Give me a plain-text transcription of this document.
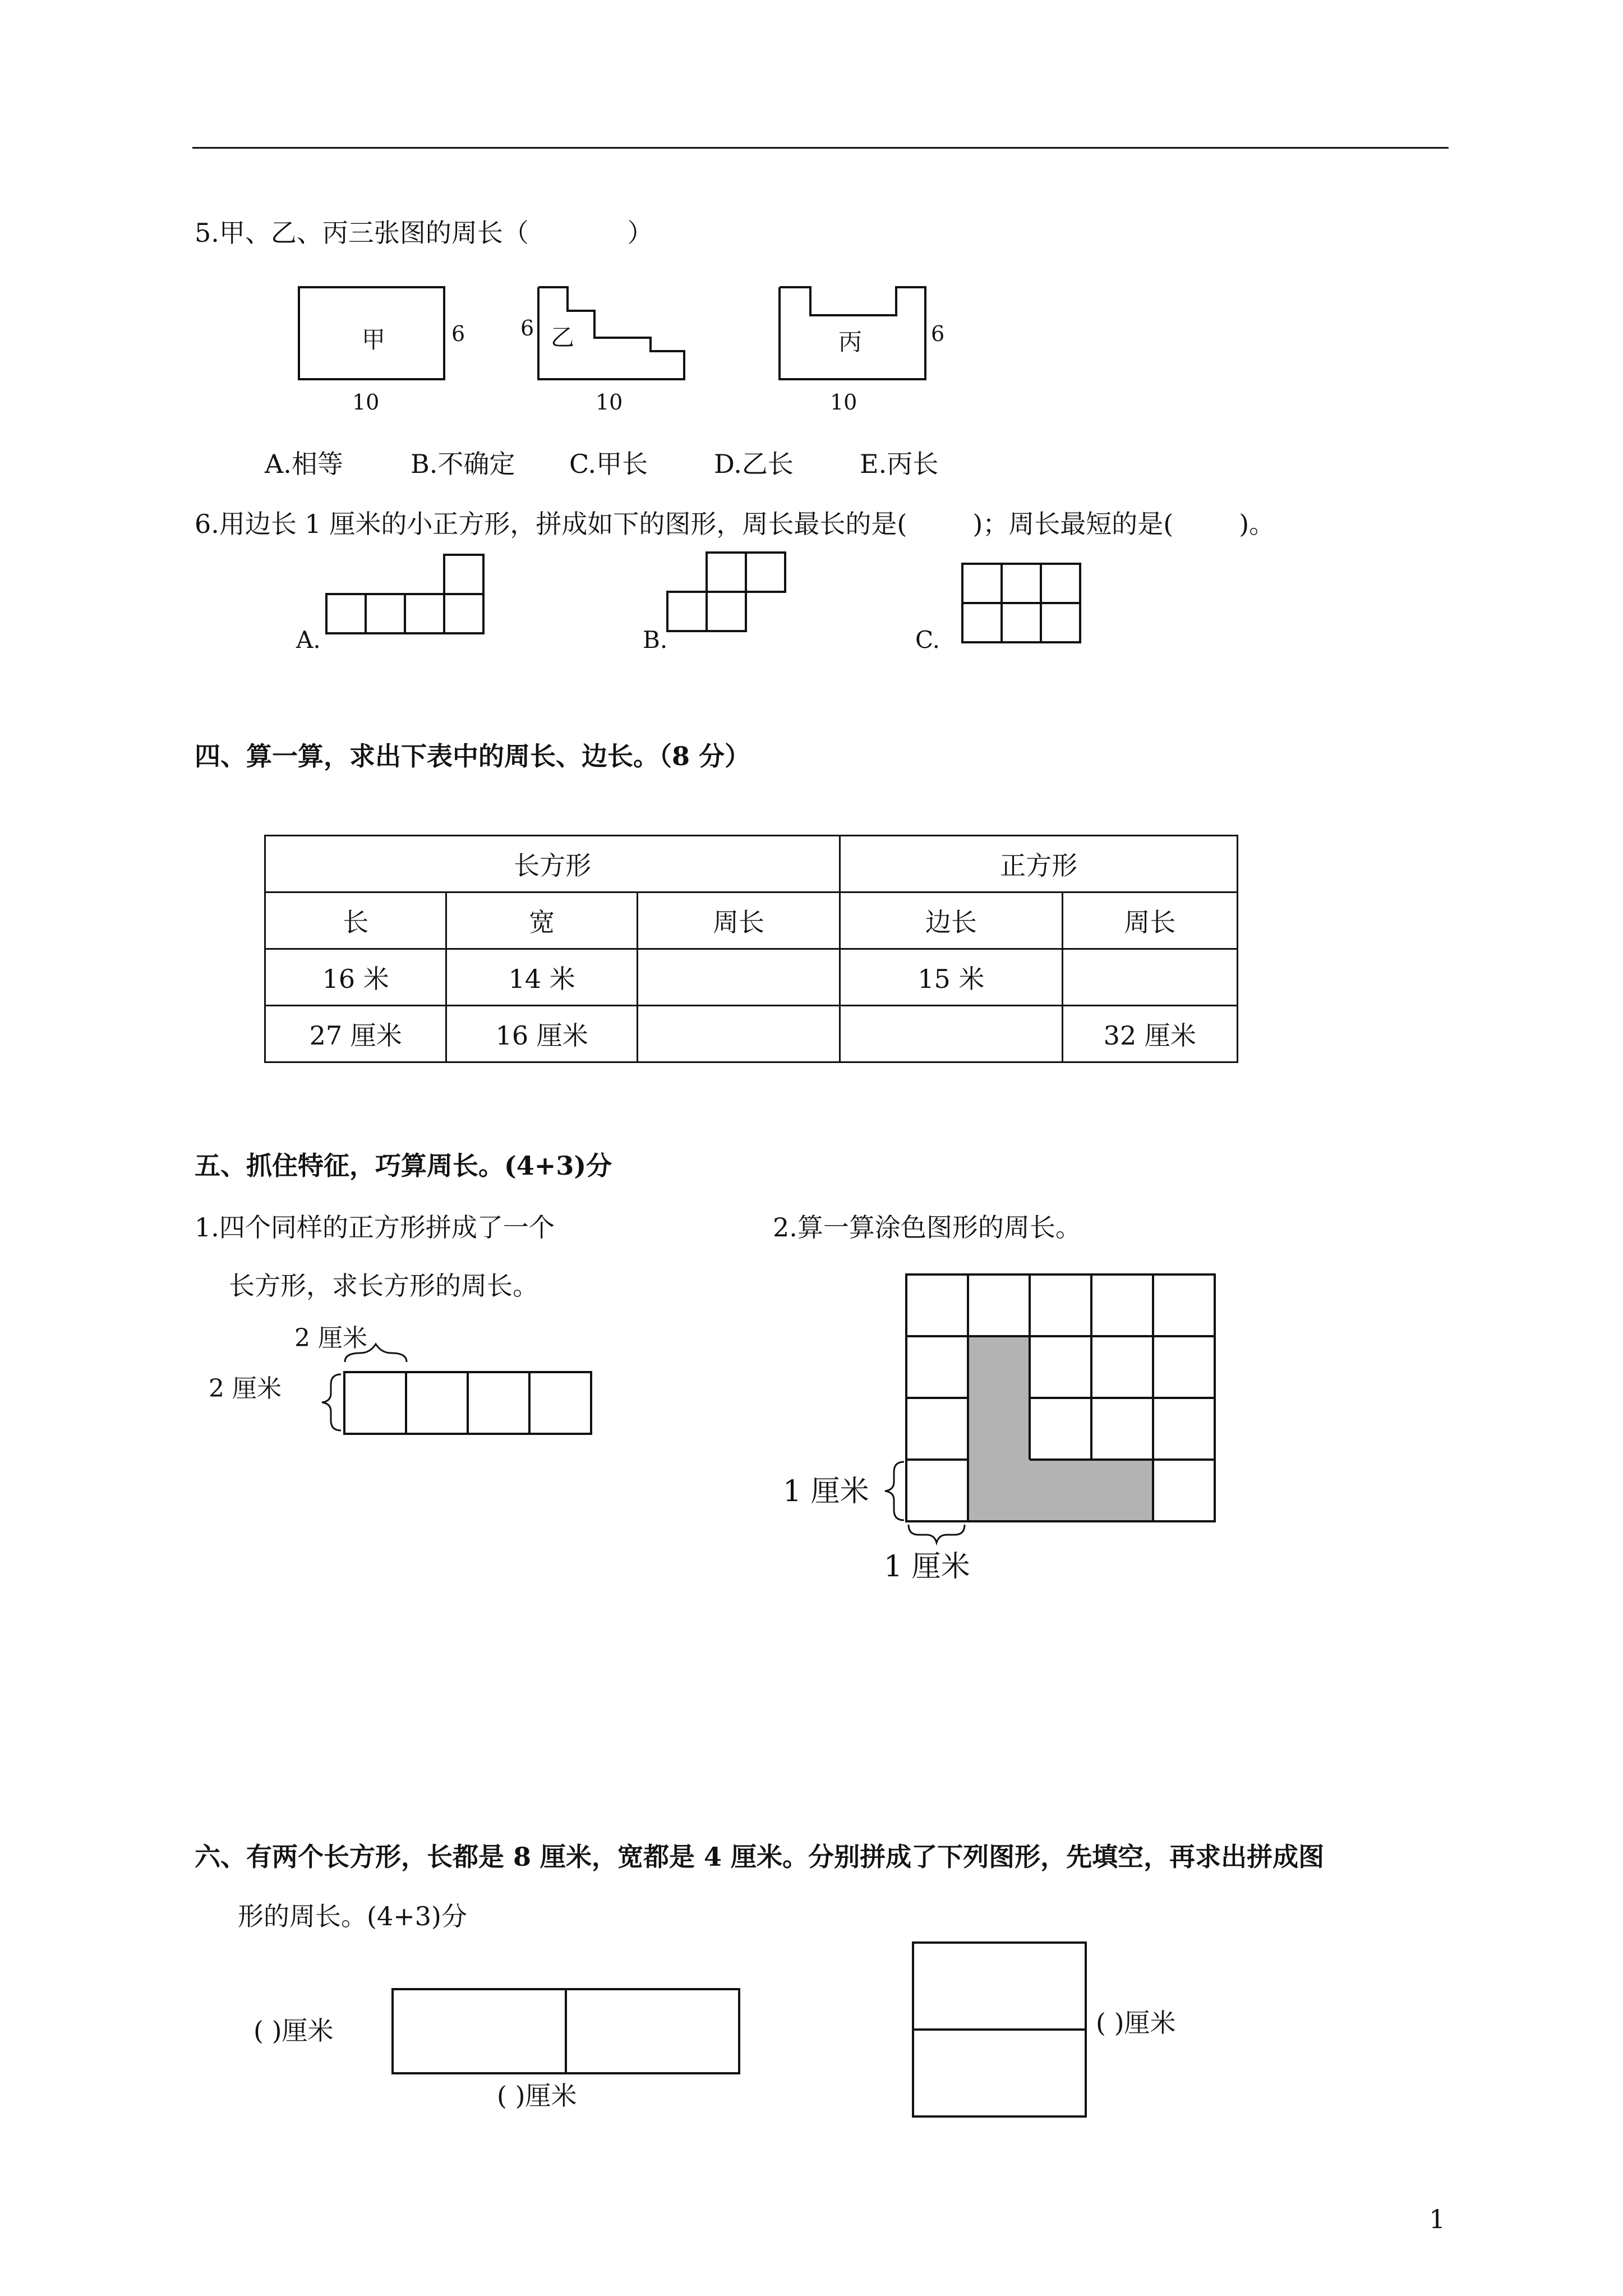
5.甲、乙、丙三张图的周长（            ）
甲	6
10
乙
6
10
丙	6
10
A.相等	B.不确定 C.甲长	D.乙长	E.丙长
6.用边长 1 厘米的小正方形，拼成如下的图形，周长最长的是(        )；周长最短的是(        )。
A.	B.	C.
四、算一算，求出下表中的周长、边长。（8 分）
长方形			正方形	
长	宽	周长	边长	周长
16 米	14 米		15 米	
27 厘米	16 厘米			32 厘米
五、抓住特征，巧算周长。(4+3)分
1.四个同样的正方形拼成了一个
长方形，求长方形的周长。
2.算一算涂色图形的周长。
2 厘米
2 厘米
1 厘米
1 厘米
六、有两个长方形，长都是 8 厘米，宽都是 4 厘米。分别拼成了下列图形，先填空，再求出拼成图
形的周长。(4+3)分
( )厘米
( )厘米
( )厘米
1
